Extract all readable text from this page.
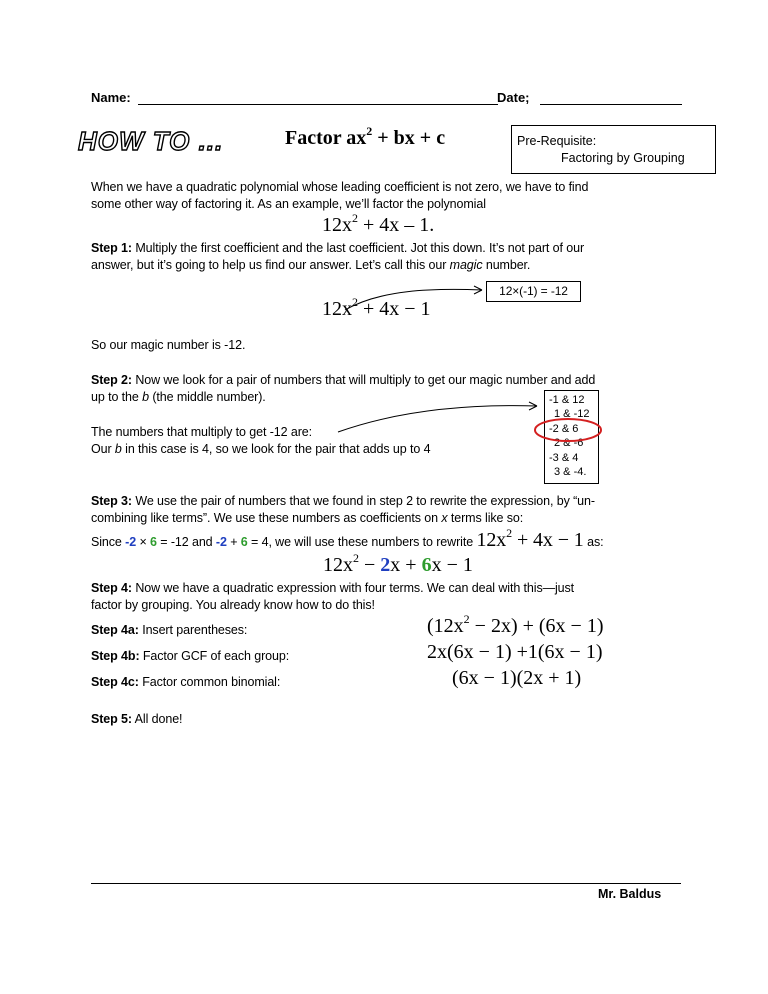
Name:	Date;
HOW TO ...	Factor $ax^2$ + bx + c	Pre-Requisite:
Factoring by Grouping
When we have a quadratic polynomial whose leading coefficient is not zero, we have to find
some other way of factoring it. As an example, we’ll factor the polynomial
$12x^2 + 4x - 1$.
Step 1: Multiply the first coefficient and the last coefficient. Jot this down. It’s not part of our
answer, but it’s going to help us find our answer. Let’s call this our magic number.
12×(-1) = -12
$12x^2 + 4x - 1$
So our magic number is -12.
Step 2: Now we look for a pair of numbers that will multiply to get our magic number and add
up to the b (the middle number).
The numbers that multiply to get -12 are:
Our b in this case is 4, so we look for the pair that adds up to 4
-1 & 12
1 & -12
-2 & 6
2 & -6
-3 & 4
3 & -4.
Step 3: We use the pair of numbers that we found in step 2 to rewrite the expression, by “un-
combining like terms”. We use these numbers as coefficients on x terms like so:
Since -2 × 6 = -12 and -2 + 6 = 4, we will use these numbers to rewrite $12x^2 + 4x - 1$ as:
$12x^2 - 2x + 6x - 1$
Step 4: Now we have a quadratic expression with four terms. We can deal with this—just
factor by grouping. You already know how to do this!
Step 4a: Insert parentheses:	$(12x^2 - 2x) + (6x - 1)$
Step 4b: Factor GCF of each group:	2x(6x − 1) +1(6x − 1)
Step 4c: Factor common binomial:	(6x − 1)(2x + 1)
Step 5: All done!
Mr. Baldus
